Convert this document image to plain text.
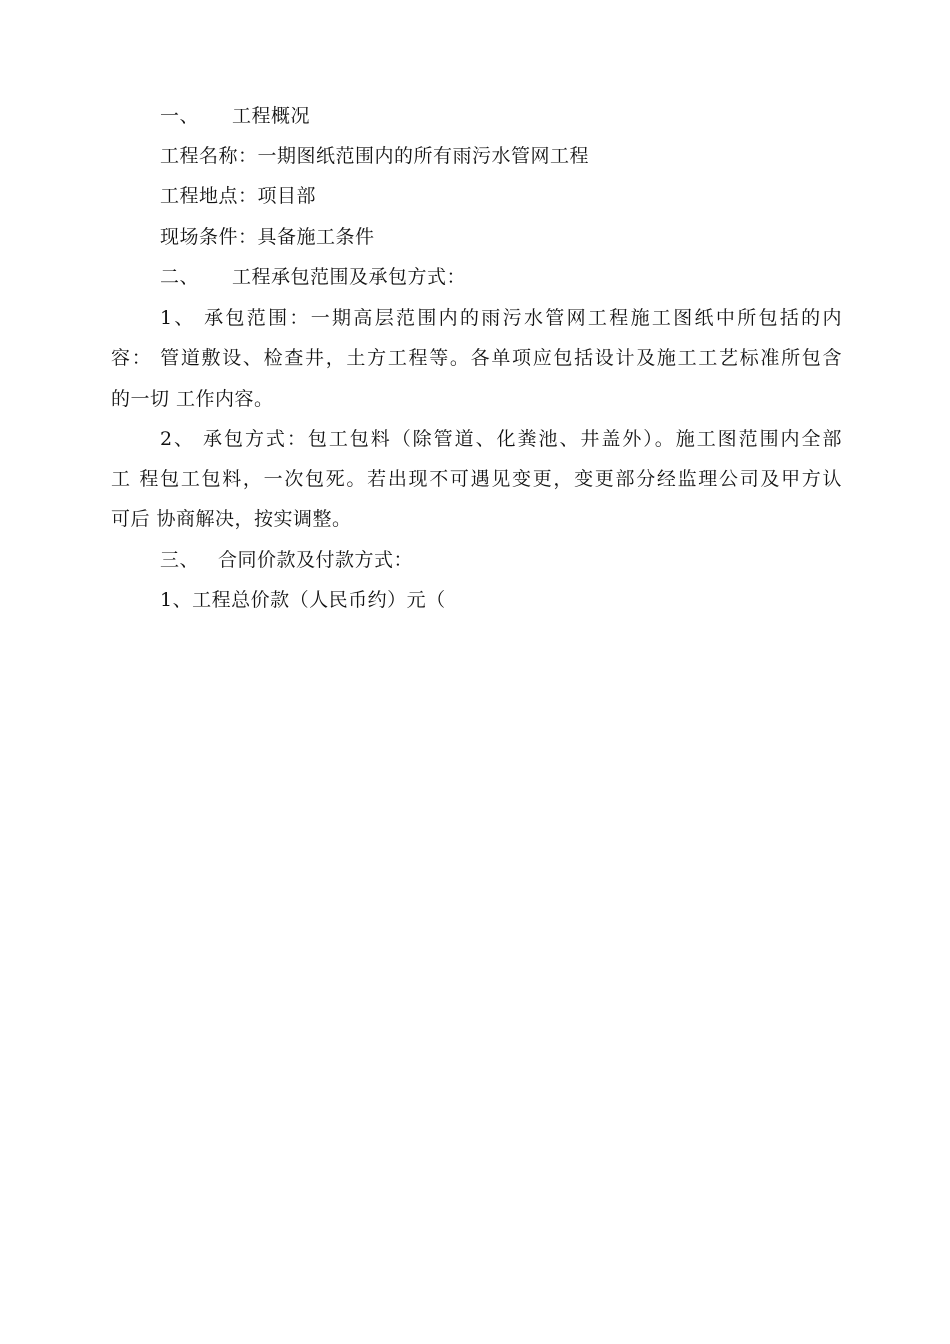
一、 工程概况
工程名称：一期图纸范围内的所有雨污水管网工程
工程地点：项目部
现场条件：具备施工条件
二、 工程承包范围及承包方式：
1、 承包范围：一期高层范围内的雨污水管网工程施工图纸中所包括的内
容： 管道敷设、检查井，土方工程等。各单项应包括设计及施工工艺标准所包含
的一切 工作内容。
2、 承包方式：包工包料（除管道、化粪池、井盖外）。施工图范围内全部
工 程包工包料，一次包死。若出现不可遇见变更，变更部分经监理公司及甲方认
可后 协商解决，按实调整。
三、 合同价款及付款方式：
1、工程总价款（人民币约）元（
